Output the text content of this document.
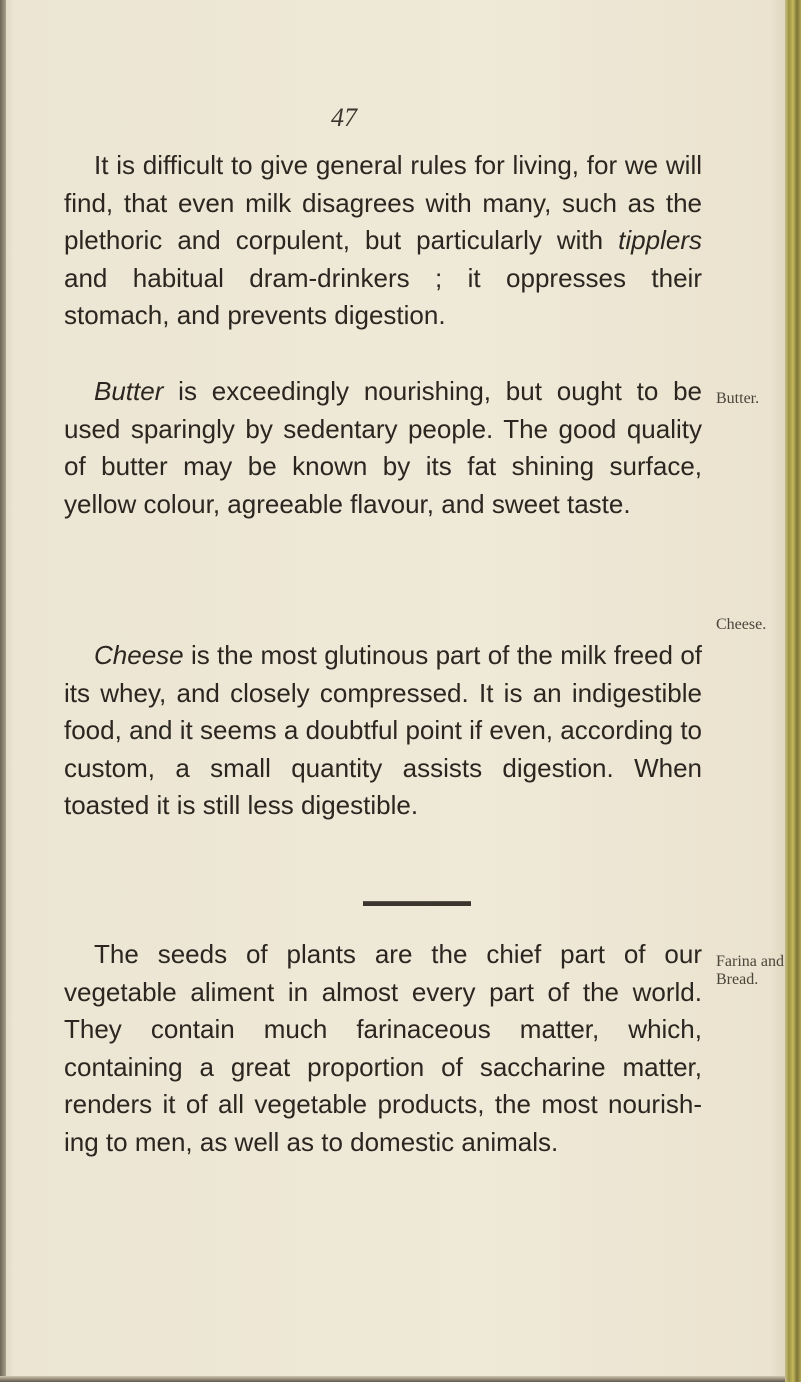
47

It is difficult to give general rules for living, for we will find, that even milk disagrees with many, such as the plethoric and corpulent, but particularly with tipplers and habitual dram-drinkers ; it oppresses their stomach, and prevents digestion.

Butter is exceedingly nourishing, but ought to be used sparingly by sedentary people. The good quality of butter may be known by its fat shining surface, yellow colour, agreeable flavour, and sweet taste.

Cheese is the most glutinous part of the milk freed of its whey, and closely compressed. It is an indigestible food, and it seems a doubtful point if even, according to custom, a small quantity assists digestion. When toasted it is still less digestible.

The seeds of plants are the chief part of our vegetable aliment in almost every part of the world. They contain much farinaceous matter, which, containing a great proportion of saccharine matter, renders it of all vegetable products, the most nourishing to men, as well as to domestic animals.

Butter.
Cheese.
Farina and Bread.
